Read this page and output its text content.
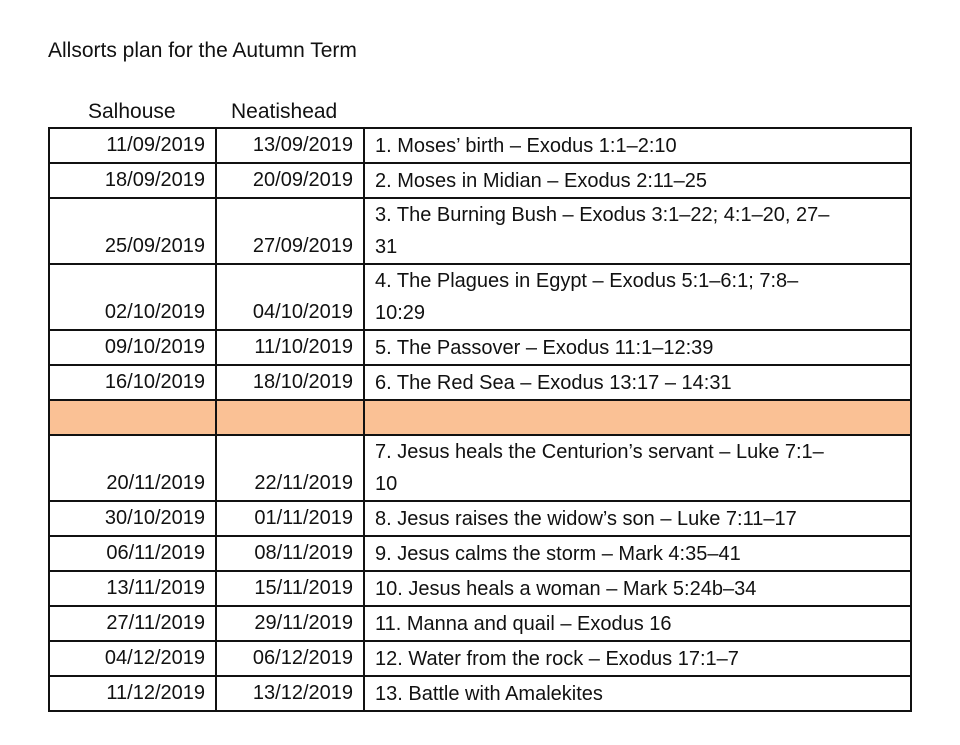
Allsorts plan for the Autumn Term
Salhouse	Neatishead
11/09/2019	13/09/2019	1. Moses’ birth – Exodus 1:1–2:10

18/09/2019	20/09/2019	2. Moses in Midian – Exodus 2:11–25

25/09/2019	27/09/2019	3. The Burning Bush – Exodus 3:1–22; 4:1–20, 27–
31

02/10/2019	04/10/2019	4. The Plagues in Egypt – Exodus 5:1–6:1; 7:8–
10:29

09/10/2019	11/10/2019	5. The Passover – Exodus 11:1–12:39

16/10/2019	18/10/2019	6. The Red Sea – Exodus 13:17 – 14:31

20/11/2019	22/11/2019	7. Jesus heals the Centurion’s servant – Luke 7:1–
10

30/10/2019	01/11/2019	8. Jesus raises the widow’s son – Luke 7:11–17

06/11/2019	08/11/2019	9. Jesus calms the storm – Mark 4:35–41

13/11/2019	15/11/2019	10. Jesus heals a woman – Mark 5:24b–34

27/11/2019	29/11/2019	11. Manna and quail – Exodus 16

04/12/2019	06/12/2019	12. Water from the rock – Exodus 17:1–7

11/12/2019	13/12/2019	13. Battle with Amalekites
